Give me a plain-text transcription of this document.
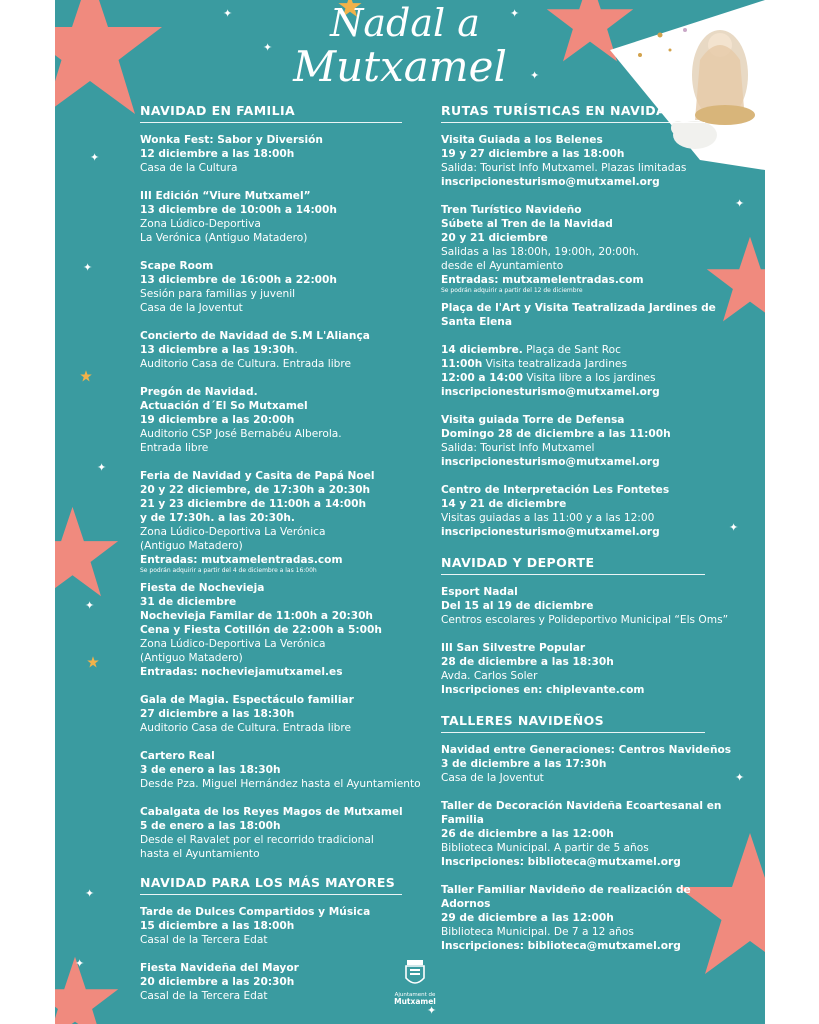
✦
✦
✦
✦
✦
✦
✦
✦
✦
✦
✦
✦
✦
✦
Nadal a
Mutxamel
NAVIDAD EN FAMILIA
Wonka Fest: Sabor y Diversión
12 diciembre a las 18:00h
Casa de la Cultura
III Edición “Viure Mutxamel”
13 diciembre de 10:00h a 14:00h
Zona Lúdico-Deportiva
La Verónica (Antiguo Matadero)
Scape Room
13 diciembre de 16:00h a 22:00h
Sesión para familias y juvenil
Casa de la Joventut
Concierto de Navidad de S.M L'Aliança
13 diciembre a las 19:30h.
Auditorio Casa de Cultura. Entrada libre
Pregón de Navidad.
Actuación d´El So Mutxamel
19 diciembre a las 20:00h
Auditorio CSP José Bernabéu Alberola.
Entrada libre
Feria de Navidad y Casita de Papá Noel
20 y 22 diciembre, de 17:30h a 20:30h
21 y 23 diciembre de 11:00h a 14:00h
y de 17:30h. a las 20:30h.
Zona Lúdico-Deportiva La Verónica
(Antiguo Matadero)
Entradas: mutxamelentradas.com
Se podrán adquirir a partir del 4 de diciembre a las 16:00h
Fiesta de Nochevieja
31 de diciembre
Nochevieja Familar de 11:00h a 20:30h
Cena y Fiesta Cotillón de 22:00h a 5:00h
Zona Lúdico-Deportiva La Verónica
(Antiguo Matadero)
Entradas: nocheviejamutxamel.es
Gala de Magia. Espectáculo familiar
27 diciembre a las 18:30h
Auditorio Casa de Cultura. Entrada libre
Cartero Real
3 de enero a las 18:30h
Desde Pza. Miguel Hernández hasta el Ayuntamiento
Cabalgata de los Reyes Magos de Mutxamel
5 de enero a las 18:00h
Desde el Ravalet por el recorrido tradicional
hasta el Ayuntamiento
NAVIDAD PARA LOS MÁS MAYORES
Tarde de Dulces Compartidos y Música
15 diciembre a las 18:00h
Casal de la Tercera Edat
Fiesta Navideña del Mayor
20 diciembre a las 20:30h
Casal de la Tercera Edat
RUTAS TURÍSTICAS EN NAVIDAD
Visita Guiada a los Belenes
19 y 27 diciembre a las 18:00h
Salida: Tourist Info Mutxamel. Plazas limitadas
inscripcionesturismo@mutxamel.org
Tren Turístico Navideño
Súbete al Tren de la Navidad
20 y 21 diciembre
Salidas a las 18:00h, 19:00h, 20:00h.
desde el Ayuntamiento
Entradas: mutxamelentradas.com
Se podrán adquirir a partir del 12 de diciembre
Plaça de l'Art y Visita Teatralizada Jardines de
Santa Elena
14 diciembre. Plaça de Sant Roc
11:00h Visita teatralizada Jardines
12:00 a 14:00 Visita libre a los jardines
inscripcionesturismo@mutxamel.org
Visita guiada Torre de Defensa
Domingo 28 de diciembre a las 11:00h
Salida: Tourist Info Mutxamel
inscripcionesturismo@mutxamel.org
Centro de Interpretación Les Fontetes
14 y 21 de diciembre
Visitas guiadas a las 11:00 y a las 12:00
inscripcionesturismo@mutxamel.org
NAVIDAD Y DEPORTE
Esport Nadal
Del 15 al 19 de diciembre
Centros escolares y Polideportivo Municipal “Els Oms”
III San Silvestre Popular
28 de diciembre a las 18:30h
Avda. Carlos Soler
Inscripciones en: chiplevante.com
TALLERES NAVIDEÑOS
Navidad entre Generaciones: Centros Navideños
3 de diciembre a las 17:30h
Casa de la Joventut
Taller de Decoración Navideña Ecoartesanal en
Familia
26 de diciembre a las 12:00h
Biblioteca Municipal. A partir de 5 años
Inscripciones: biblioteca@mutxamel.org
Taller Familiar Navideño de realización de
Adornos
29 de diciembre a las 12:00h
Biblioteca Municipal. De 7 a 12 años
Inscripciones: biblioteca@mutxamel.org
Ajuntament de
Mutxamel
